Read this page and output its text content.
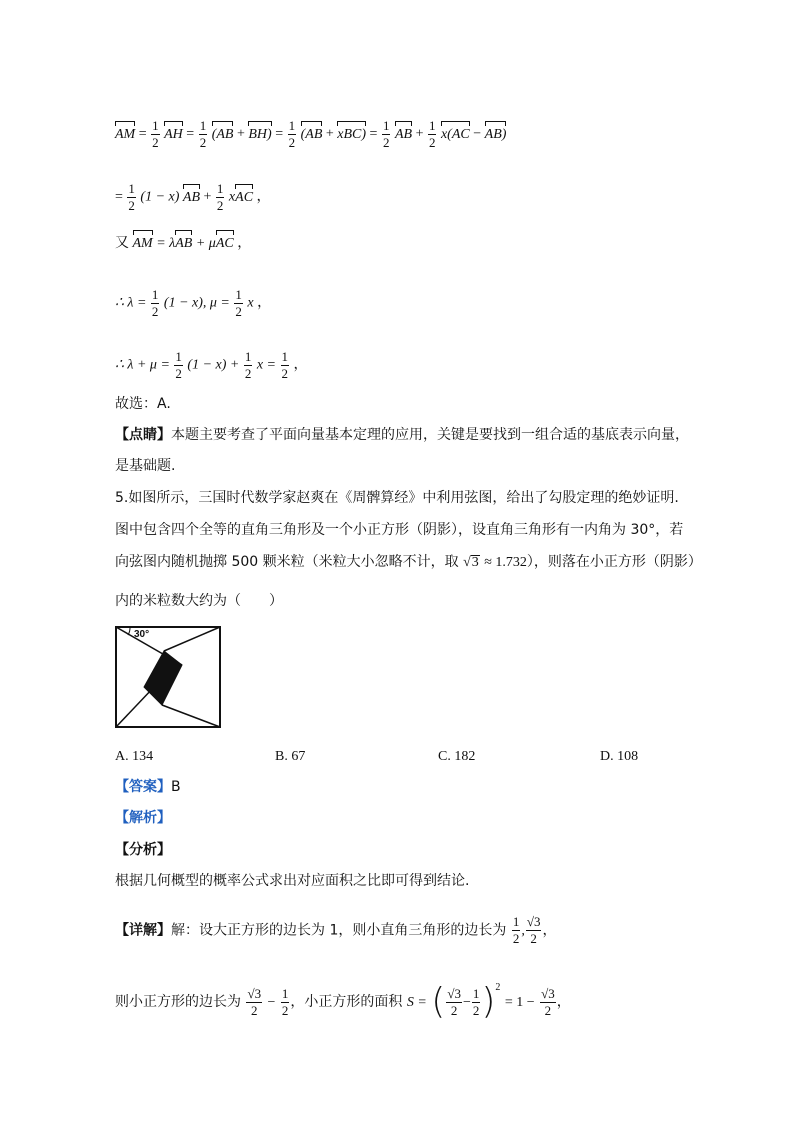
AM = $\frac{1}{2}$ AH = $\frac{1}{2} (AB + BH) = \frac{1}{2} (AB + xBC) = \frac{1}{2}$ AB + $\frac{1}{2} x(AC - AB)$
= $\frac{1}{2} (1 - x)$ AB + $\frac{1}{2}$ xAC ，
又 AM = λAB + μAC ，
∴ $\lambda = \frac{1}{2} (1 - x)$, $\mu = \frac{1}{2}$ x ，
∴ $\lambda + \mu = \frac{1}{2} (1 - x) + \frac{1}{2}$ $x = \frac{1}{2}$ ，
故选：A.
【点睛】本题主要考查了平面向量基本定理的应用，关键是要找到一组合适的基底表示向量，
是基础题.
5.如图所示，三国时代数学家赵爽在《周髀算经》中利用弦图，给出了勾股定理的绝妙证明.
图中包含四个全等的直角三角形及一个小正方形（阴影），设直角三角形有一内角为 30°，若
向弦图内随机抛掷 500 颗米粒（米粒大小忽略不计，取 √3 ≈ 1.732），则落在小正方形（阴影）
内的米粒数大约为（　　）
30°
A. 134	B. 67	C. 182	D. 108
【答案】B
【解析】
【分析】
根据几何概型的概率公式求出对应面积之比即可得到结论.
【详解】解：设大正方形的边长为 1，则小直角三角形的边长为 $\frac{1}{2}$ , $\frac{√3}{2}$ ，
则小正方形的边长为 $\frac{√3}{2} - \frac{1}{2}$ ，小正方形的面积 S = ( $\frac{√3}{2} - \frac{1}{2} )^2 = 1 - \frac{√3}{2}$ ，
